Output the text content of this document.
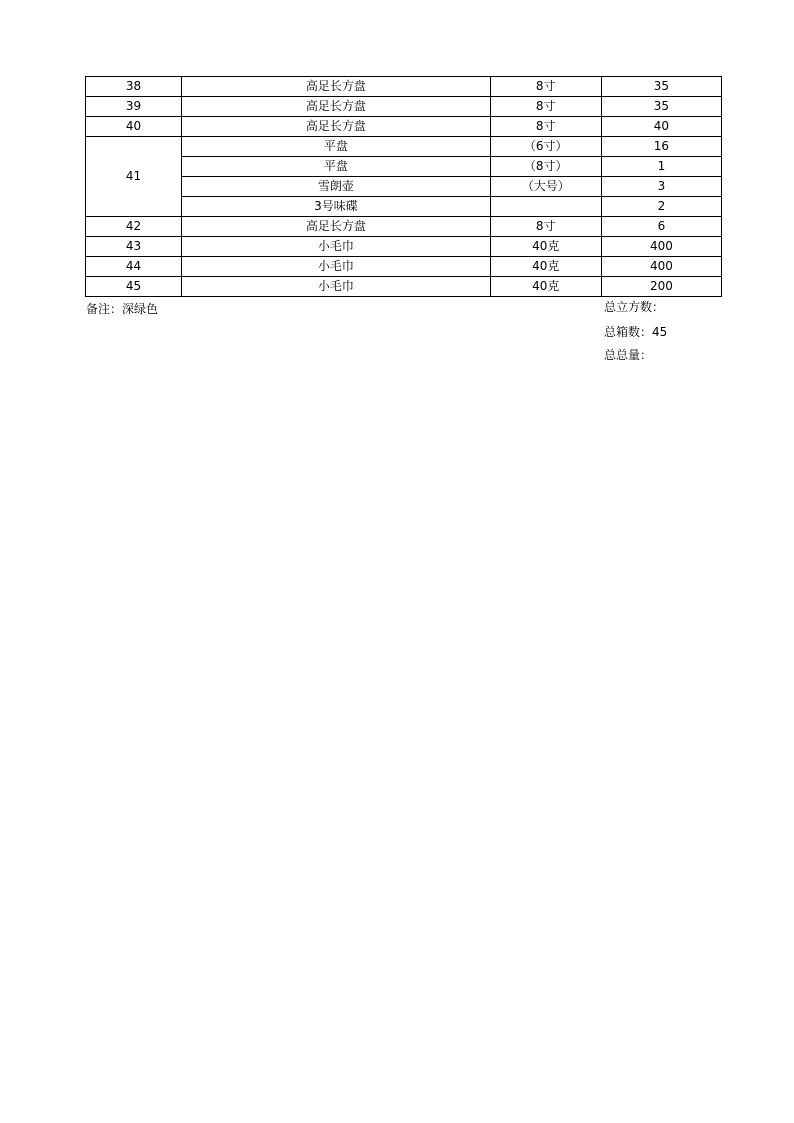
38	高足长方盘	8寸	35
39	高足长方盘	8寸	35
40	高足长方盘	8寸	40
41	平盘	（6寸）	16
	平盘	（8寸）	1
	雪朗壶	（大号）	3
	3号味碟		2
42	高足长方盘	8寸	6
43	小毛巾	40克	400
44	小毛巾	40克	400
45	小毛巾	40克	200
备注：深绿色	总立方数：
总箱数：45
总总量：
